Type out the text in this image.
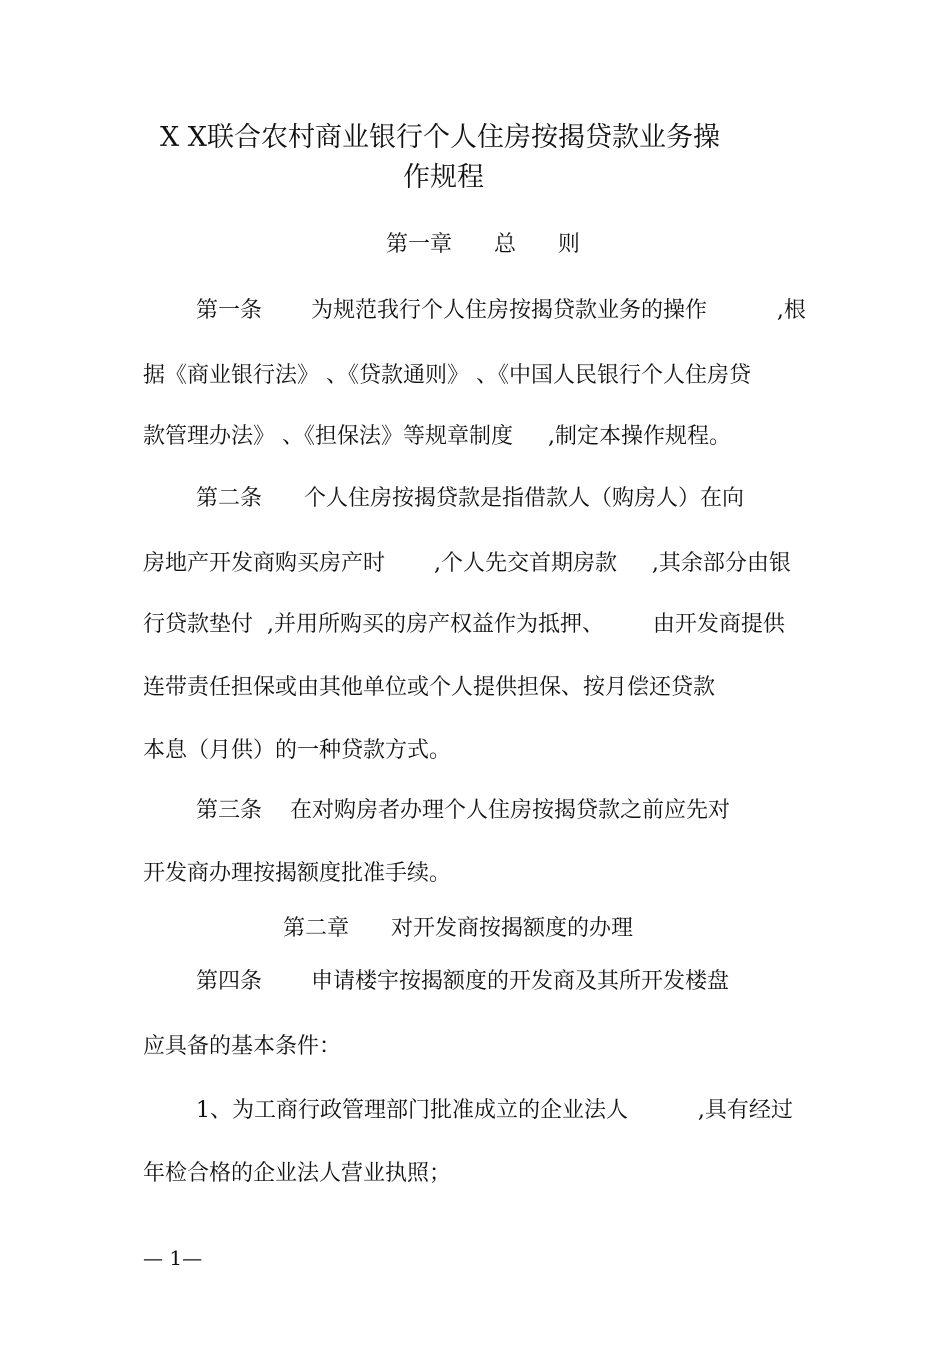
X X联合农村商业银行个人住房按揭贷款业务操
作规程
第一章      总      则
第一条       为规范我行个人住房按揭贷款业务的操作          ,根
据《商业银行法》 、《贷款通则》 、《中国人民银行个人住房贷
款管理办法》 、《担保法》等规章制度     ,制定本操作规程。
第二条      个人住房按揭贷款是指借款人（购房人）在向
房地产开发商购买房产时       ,个人先交首期房款     ,其余部分由银
行贷款垫付  ,并用所购买的房产权益作为抵押、       由开发商提供
连带责任担保或由其他单位或个人提供担保、按月偿还贷款
本息（月供）的一种贷款方式。
第三条    在对购房者办理个人住房按揭贷款之前应先对
开发商办理按揭额度批准手续。
第二章      对开发商按揭额度的办理
第四条       申请楼宇按揭额度的开发商及其所开发楼盘
应具备的基本条件：
1、为工商行政管理部门批准成立的企业法人          ,具有经过
年检合格的企业法人营业执照；
— 1—
